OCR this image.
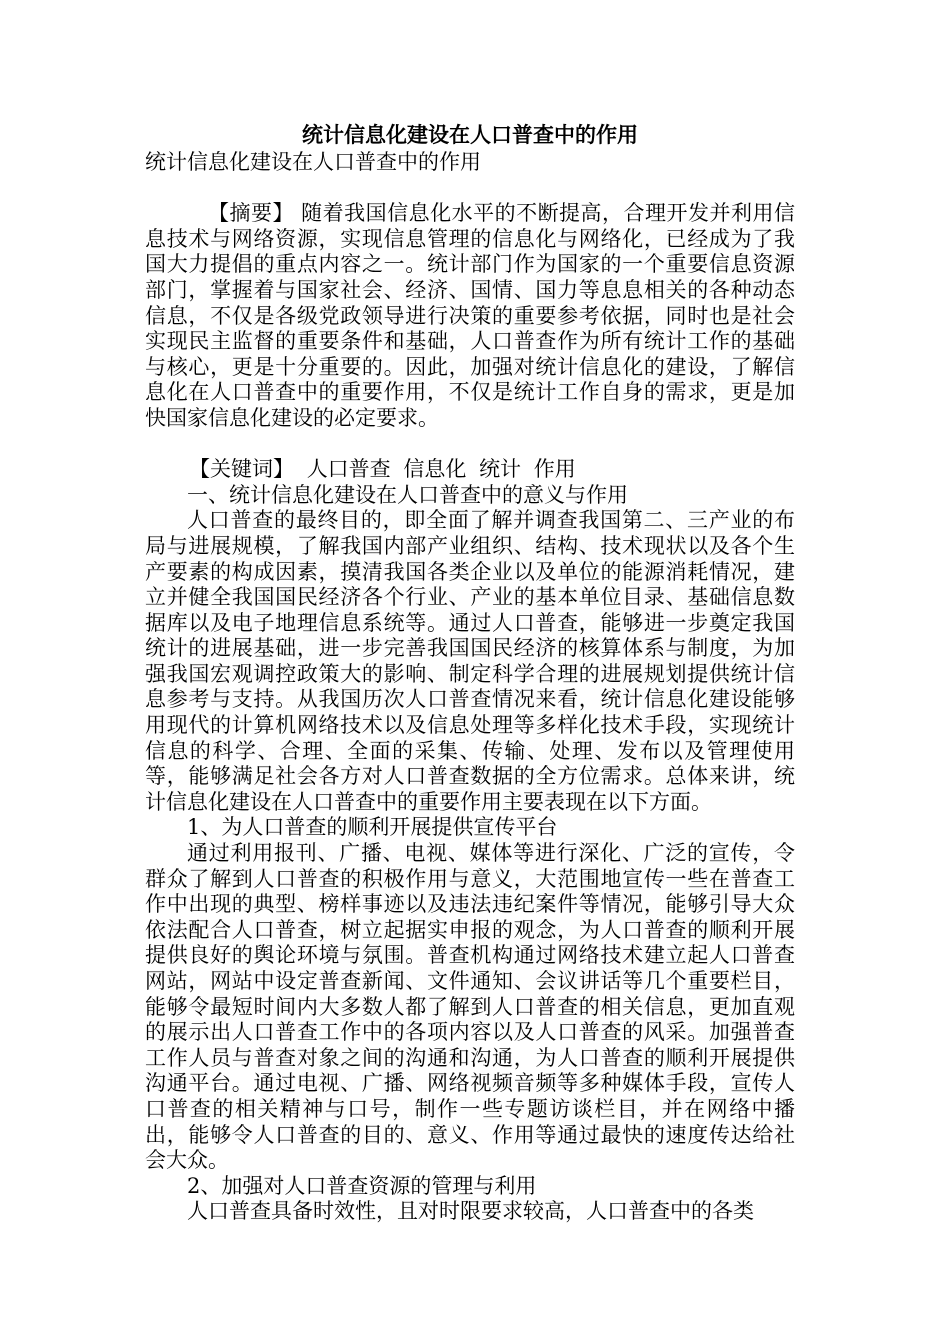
统计信息化建设在人口普查中的作用

统计信息化建设在人口普查中的作用

【摘要】 随着我国信息化水平的不断提高，合理开发并利用信息技术与网络资源，实现信息管理的信息化与网络化，已经成为了我国大力提倡的重点内容之一。统计部门作为国家的一个重要信息资源部门，掌握着与国家社会、经济、国情、国力等息息相关的各种动态信息，不仅是各级党政领导进行决策的重要参考依据，同时也是社会实现民主监督的重要条件和基础，人口普查作为所有统计工作的基础与核心，更是十分重要的。因此，加强对统计信息化的建设，了解信息化在人口普查中的重要作用，不仅是统计工作自身的需求，更是加快国家信息化建设的必定要求。

【关键词】 人口普查 信息化 统计 作用

一、统计信息化建设在人口普查中的意义与作用

人口普查的最终目的，即全面了解并调查我国第二、三产业的布局与进展规模，了解我国内部产业组织、结构、技术现状以及各个生产要素的构成因素，摸清我国各类企业以及单位的能源消耗情况，建立并健全我国国民经济各个行业、产业的基本单位目录、基础信息数据库以及电子地理信息系统等。通过人口普查，能够进一步奠定我国统计的进展基础，进一步完善我国国民经济的核算体系与制度，为加强我国宏观调控政策大的影响、制定科学合理的进展规划提供统计信息参考与支持。从我国历次人口普查情况来看，统计信息化建设能够用现代的计算机网络技术以及信息处理等多样化技术手段，实现统计信息的科学、合理、全面的采集、传输、处理、发布以及管理使用等，能够满足社会各方对人口普查数据的全方位需求。总体来讲，统计信息化建设在人口普查中的重要作用主要表现在以下方面。

1、为人口普查的顺利开展提供宣传平台

通过利用报刊、广播、电视、媒体等进行深化、广泛的宣传，令群众了解到人口普查的积极作用与意义，大范围地宣传一些在普查工作中出现的典型、榜样事迹以及违法违纪案件等情况，能够引导大众依法配合人口普查，树立起据实申报的观念，为人口普查的顺利开展提供良好的舆论环境与氛围。普查机构通过网络技术建立起人口普查网站，网站中设定普查新闻、文件通知、会议讲话等几个重要栏目，能够令最短时间内大多数人都了解到人口普查的相关信息，更加直观的展示出人口普查工作中的各项内容以及人口普查的风采。加强普查工作人员与普查对象之间的沟通和沟通，为人口普查的顺利开展提供沟通平台。通过电视、广播、网络视频音频等多种媒体手段，宣传人口普查的相关精神与口号，制作一些专题访谈栏目，并在网络中播出，能够令人口普查的目的、意义、作用等通过最快的速度传达给社会大众。

2、加强对人口普查资源的管理与利用

人口普查具备时效性，且对时限要求较高，人口普查中的各类
